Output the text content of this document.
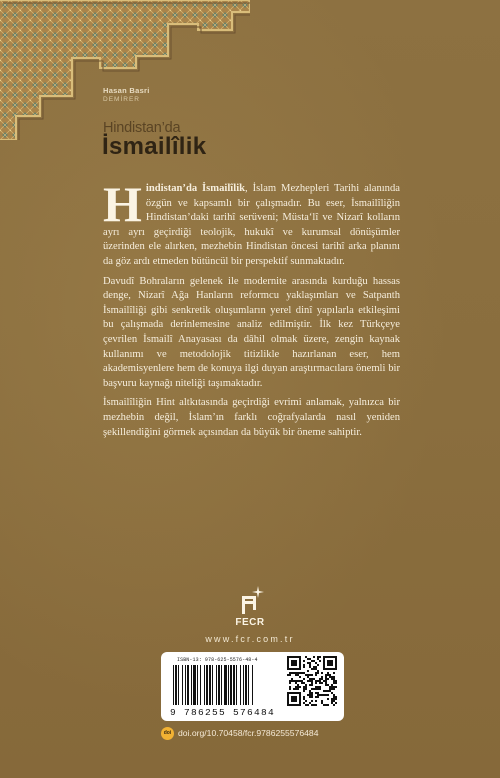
Hasan Basri
DEMİRER
Hindistan’da
İsmailîlik

Hindistan’da İsmailîlik, İslam Mezhepleri Tarihi alanında özgün ve kapsamlı bir çalışmadır. Bu eser, İsmailîliğin Hindistan’daki tarihî serüveni; Müsta‘lî ve Nizarî kolların ayrı ayrı geçirdiği teolojik, hukukî ve kurumsal dönüşümler üzerinden ele alırken, mezhebin Hindistan öncesi tarihî arka planını da göz ardı etmeden bütüncül bir perspektif sunmaktadır.

Davudî Bohraların gelenek ile modernite arasında kurduğu hassas denge, Nizarî Ağa Hanların reformcu yaklaşımları ve Satpanth İsmailîliği gibi senkretik oluşumların yerel dinî yapılarla etkileşimi bu çalışmada derinlemesine analiz edilmiştir. İlk kez Türkçeye çevrilen İsmailî Anayasası da dâhil olmak üzere, zengin kaynak kullanımı ve metodolojik titizlikle hazırlanan eser, hem akademisyenlere hem de konuya ilgi duyan araştırmacılara önemli bir başvuru kaynağı niteliği taşımaktadır.

İsmailîliğin Hint altkıtasında geçirdiği evrimi anlamak, yalnızca bir mezhebin değil, İslam’ın farklı coğrafyalarda nasıl yeniden şekillendiğini görmek açısından da büyük bir öneme sahiptir.

FECR
www.fcr.com.tr
ISBN-13: 978-625-5576-48-4
9 786255 576484
doi doi.org/10.70458/fcr.9786255576484
